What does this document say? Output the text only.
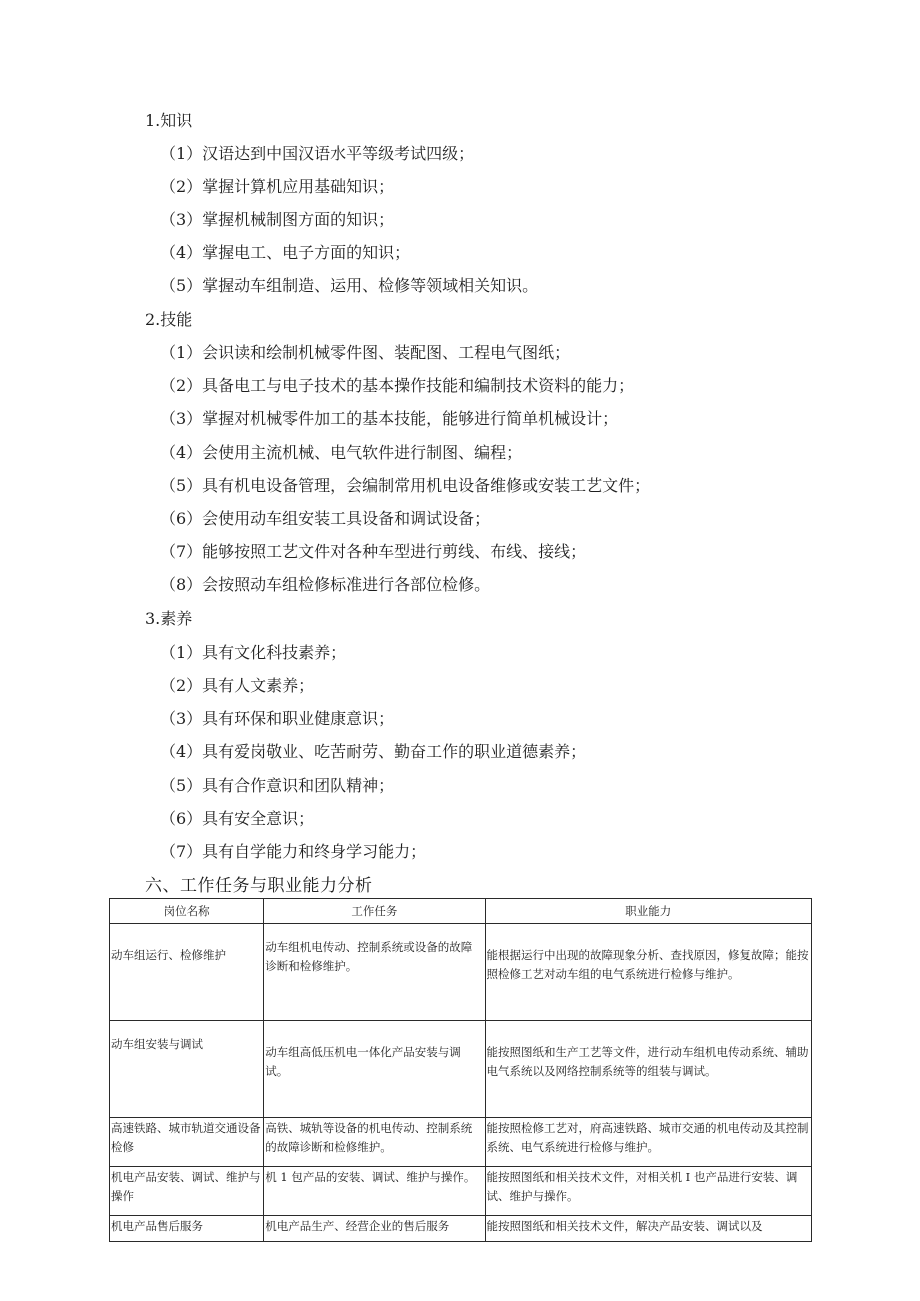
1.知识
（1）汉语达到中国汉语水平等级考试四级；
（2）掌握计算机应用基础知识；
（3）掌握机械制图方面的知识；
（4）掌握电工、电子方面的知识；
（5）掌握动车组制造、运用、检修等领域相关知识。
2.技能
（1）会识读和绘制机械零件图、装配图、工程电气图纸；
（2）具备电工与电子技术的基本操作技能和编制技术资料的能力；
（3）掌握对机械零件加工的基本技能，能够进行简单机械设计；
（4）会使用主流机械、电气软件进行制图、编程；
（5）具有机电设备管理，会编制常用机电设备维修或安装工艺文件；
（6）会使用动车组安装工具设备和调试设备；
（7）能够按照工艺文件对各种车型进行剪线、布线、接线；
（8）会按照动车组检修标准进行各部位检修。
3.素养
（1）具有文化科技素养；
（2）具有人文素养；
（3）具有环保和职业健康意识；
（4）具有爱岗敬业、吃苦耐劳、勤奋工作的职业道德素养；
（5）具有合作意识和团队精神；
（6）具有安全意识；
（7）具有自学能力和终身学习能力；
六、工作任务与职业能力分析
岗位名称	工作任务	职业能力
动车组运行、检修维护	动车组机电传动、控制系统或设备的故障诊断和检修维护。	能根据运行中出现的故障现象分析、查找原因，修复故障；能按照检修工艺对动车组的电气系统进行检修与维护。
动车组安装与调试	动车组高低压机电一体化产品安装与调试。	能按照图纸和生产工艺等文件，进行动车组机电传动系统、辅助电气系统以及网络控制系统等的组装与调试。
高速铁路、城市轨道交通设备检修	高铁、城轨等设备的机电传动、控制系统的故障诊断和检修维护。	能按照检修工艺对，府高速铁路、城市交通的机电传动及其控制系统、电气系统进行检修与维护。
机电产品安装、调试、维护与操作	机 1 包产品的安装、调试、维护与操作。	能按照图纸和相关技术文件，对相关机 I 也产品进行安装、调试、维护与操作。
机电产品售后服务	机电产品生产、经营企业的售后服务	能按照图纸和相关技术文件，解决产品安装、调试以及
